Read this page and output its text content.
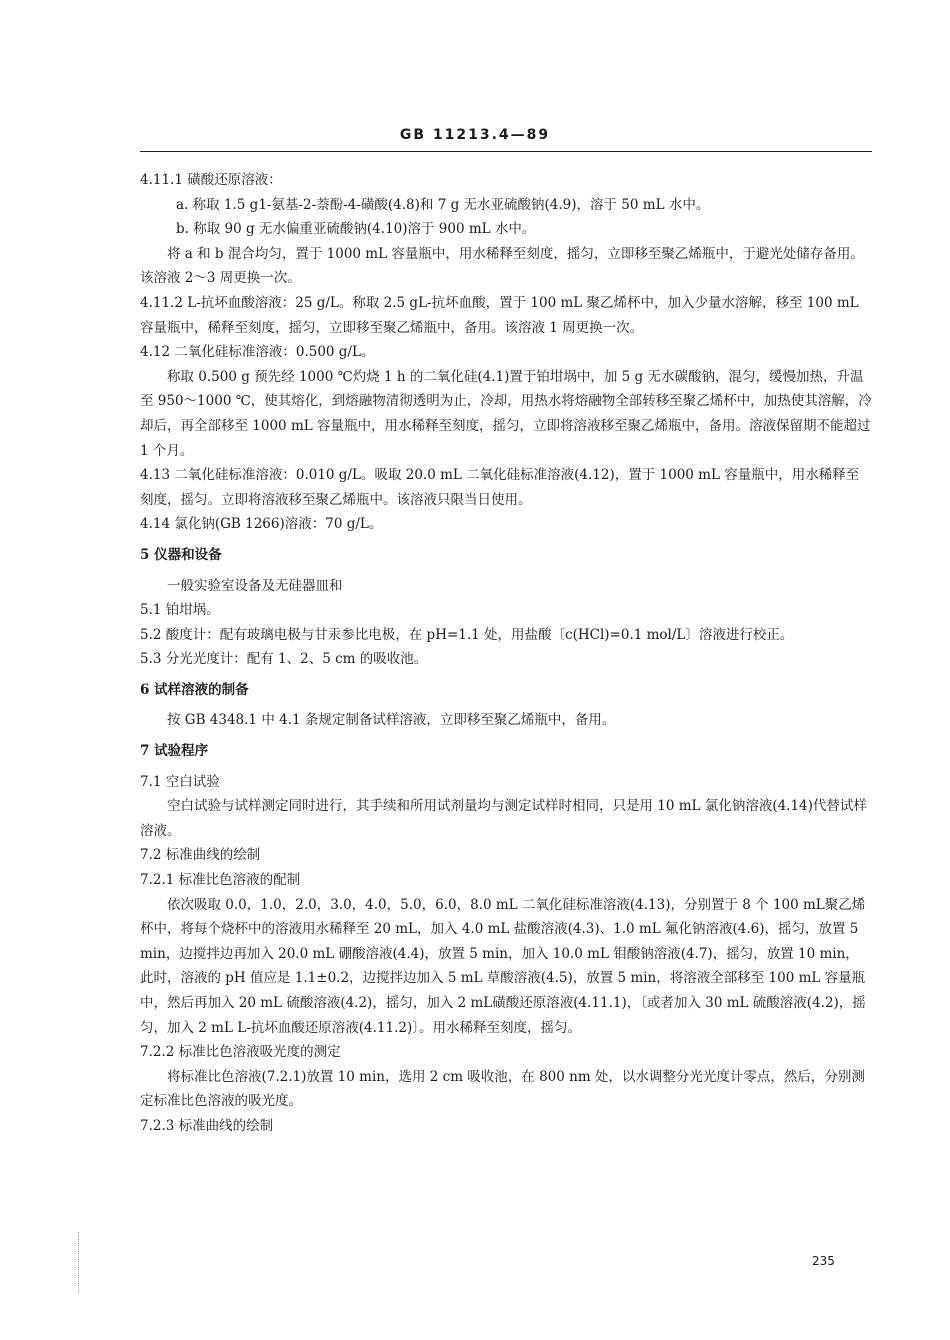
GB 11213.4—89

4.11.1 磺酸还原溶液：

a. 称取 1.5 g1-氨基-2-萘酚-4-磺酸(4.8)和 7 g 无水亚硫酸钠(4.9)，溶于 50 mL 水中。

b. 称取 90 g 无水偏重亚硫酸钠(4.10)溶于 900 mL 水中。

将 a 和 b 混合均匀，置于 1000 mL 容量瓶中，用水稀释至刻度，摇匀，立即移至聚乙烯瓶中，于避光处储存备用。该溶液 2～3 周更换一次。

4.11.2 L-抗坏血酸溶液：25 g/L。称取 2.5 gL-抗坏血酸，置于 100 mL 聚乙烯杯中，加入少量水溶解，移至 100 mL 容量瓶中，稀释至刻度，摇匀，立即移至聚乙烯瓶中，备用。该溶液 1 周更换一次。

4.12 二氧化硅标准溶液：0.500 g/L。

称取 0.500 g 预先经 1000 ℃灼烧 1 h 的二氧化硅(4.1)置于铂坩埚中，加 5 g 无水碳酸钠，混匀，缓慢加热，升温至 950～1000 ℃，使其熔化，到熔融物清彻透明为止，冷却，用热水将熔融物全部转移至聚乙烯杯中，加热使其溶解，冷却后，再全部移至 1000 mL 容量瓶中，用水稀释至刻度，摇匀，立即将溶液移至聚乙烯瓶中，备用。溶液保留期不能超过 1 个月。

4.13 二氧化硅标准溶液：0.010 g/L。吸取 20.0 mL 二氧化硅标准溶液(4.12)，置于 1000 mL 容量瓶中，用水稀释至刻度，摇匀。立即将溶液移至聚乙烯瓶中。该溶液只限当日使用。

4.14 氯化钠(GB 1266)溶液：70 g/L。

5 仪器和设备

一般实验室设备及无硅器皿和

5.1 铂坩埚。

5.2 酸度计：配有玻璃电极与甘汞参比电极，在 pH=1.1 处，用盐酸〔c(HCl)=0.1 mol/L〕溶液进行校正。

5.3 分光光度计：配有 1、2、5 cm 的吸收池。

6 试样溶液的制备

按 GB 4348.1 中 4.1 条规定制备试样溶液，立即移至聚乙烯瓶中，备用。

7 试验程序

7.1 空白试验

空白试验与试样测定同时进行，其手续和所用试剂量均与测定试样时相同，只是用 10 mL 氯化钠溶液(4.14)代替试样溶液。

7.2 标准曲线的绘制

7.2.1 标准比色溶液的配制

依次吸取 0.0，1.0，2.0，3.0，4.0，5.0，6.0，8.0 mL 二氧化硅标准溶液(4.13)，分别置于 8 个 100 mL聚乙烯杯中，将每个烧杯中的溶液用水稀释至 20 mL，加入 4.0 mL 盐酸溶液(4.3)、1.0 mL 氟化钠溶液(4.6)，摇匀，放置 5 min，边搅拌边再加入 20.0 mL 硼酸溶液(4.4)，放置 5 min，加入 10.0 mL 钼酸钠溶液(4.7)，摇匀，放置 10 min，此时，溶液的 pH 值应是 1.1±0.2，边搅拌边加入 5 mL 草酸溶液(4.5)，放置 5 min，将溶液全部移至 100 mL 容量瓶中，然后再加入 20 mL 硫酸溶液(4.2)，摇匀，加入 2 mL磺酸还原溶液(4.11.1)，〔或者加入 30 mL 硫酸溶液(4.2)，摇匀，加入 2 mL L-抗坏血酸还原溶液(4.11.2)〕。用水稀释至刻度，摇匀。

7.2.2 标准比色溶液吸光度的测定

将标准比色溶液(7.2.1)放置 10 min，选用 2 cm 吸收池，在 800 nm 处，以水调整分光光度计零点，然后，分别测定标准比色溶液的吸光度。

7.2.3 标准曲线的绘制

235
